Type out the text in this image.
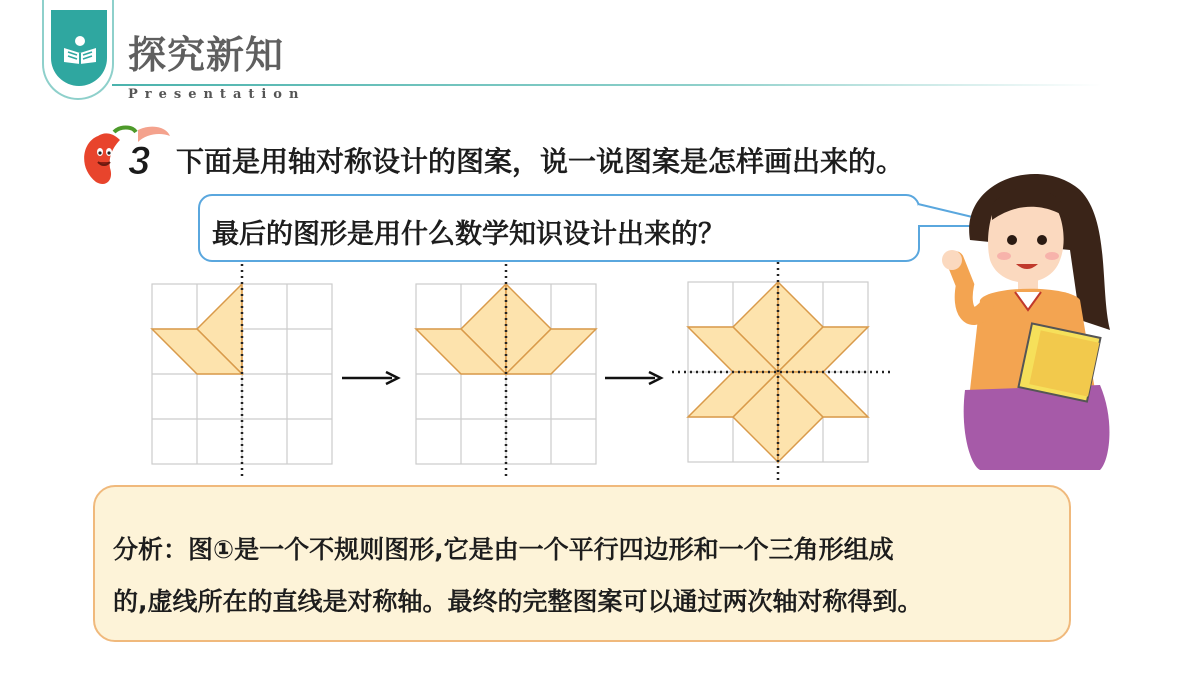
探究新知
Presentation
3 下面是用轴对称设计的图案，说一说图案是怎样画出来的。
最后的图形是用什么数学知识设计出来的？
分析：图①是一个不规则图形,它是由一个平行四边形和一个三角形组成
的,虚线所在的直线是对称轴。最终的完整图案可以通过两次轴对称得到。
